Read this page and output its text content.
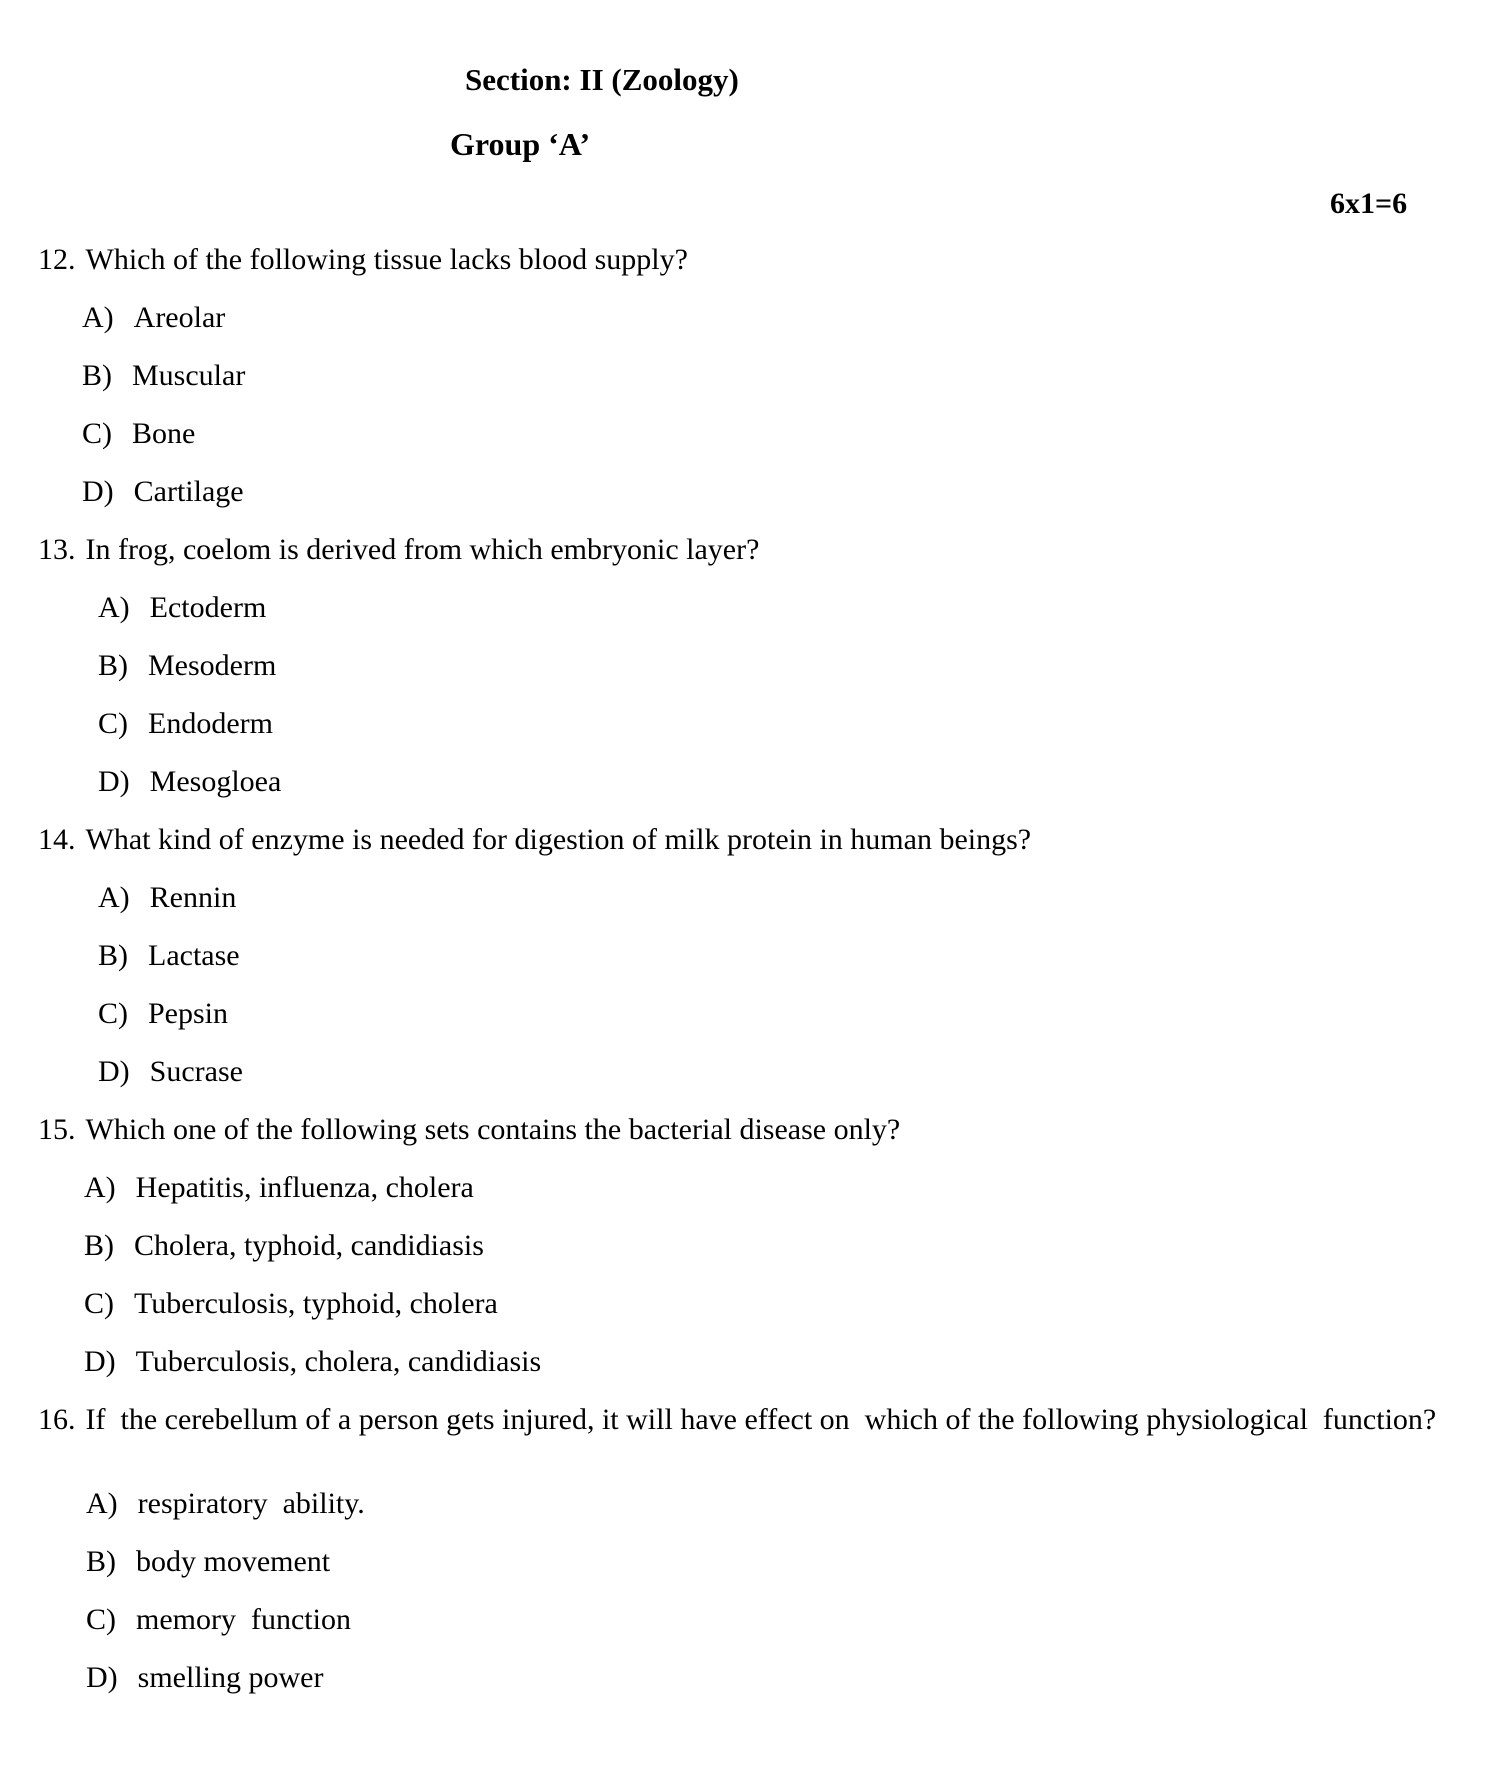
Section: II (Zoology)
Group ‘A’
6x1=6
12. Which of the following tissue lacks blood supply?
A) Areolar
B) Muscular
C) Bone
D) Cartilage
13. In frog, coelom is derived from which embryonic layer?
A) Ectoderm
B) Mesoderm
C) Endoderm
D) Mesogloea
14. What kind of enzyme is needed for digestion of milk protein in human beings?
A) Rennin
B) Lactase
C) Pepsin
D) Sucrase
15. Which one of the following sets contains the bacterial disease only?
A) Hepatitis, influenza, cholera
B) Cholera, typhoid, candidiasis
C) Tuberculosis, typhoid, cholera
D) Tuberculosis, cholera, candidiasis
16. If  the cerebellum of a person gets injured, it will have effect on  which of the following physiological  function?
A) respiratory  ability.
B) body movement
C) memory  function
D) smelling power
